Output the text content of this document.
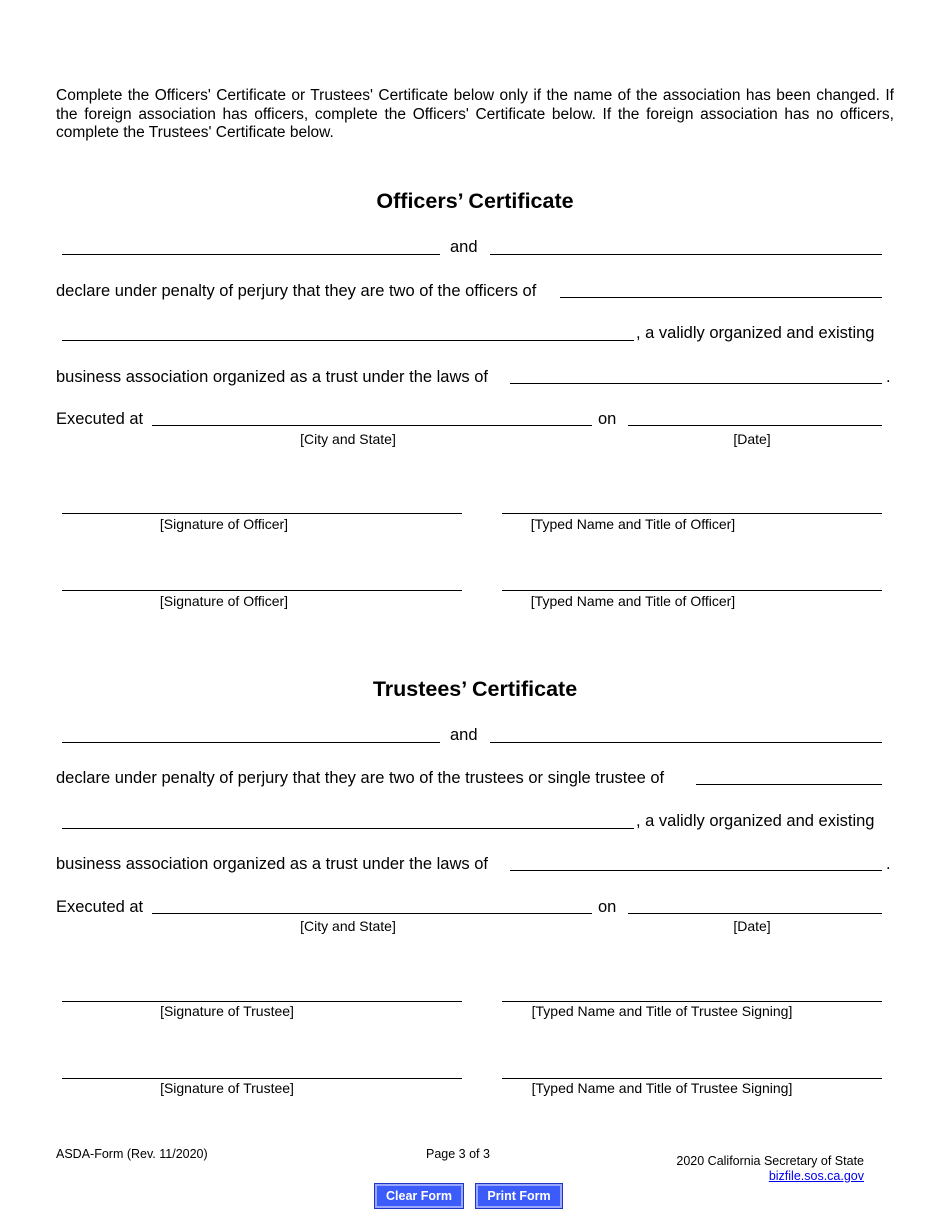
Complete the Officers' Certificate or Trustees' Certificate below only if the name of the association has been changed. If the foreign association has officers, complete the Officers' Certificate below. If the foreign association has no officers, complete the Trustees' Certificate below.
Officers’ Certificate
and
declare under penalty of perjury that they are two of the officers of
, a validly organized and existing
business association organized as a trust under the laws of	.
Executed at	on
[City and State]	[Date]
[Signature of Officer]	[Typed Name and Title of Officer]
[Signature of Officer]	[Typed Name and Title of Officer]
Trustees’ Certificate
and
declare under penalty of perjury that they are two of the trustees or single trustee of
, a validly organized and existing
business association organized as a trust under the laws of	.
Executed at	on
[City and State]	[Date]
[Signature of Trustee]	[Typed Name and Title of Trustee Signing]
[Signature of Trustee]	[Typed Name and Title of Trustee Signing]
ASDA-Form (Rev. 11/2020)	Page 3 of 3	2020 California Secretary of State
bizfile.sos.ca.gov
Clear Form	Print Form
